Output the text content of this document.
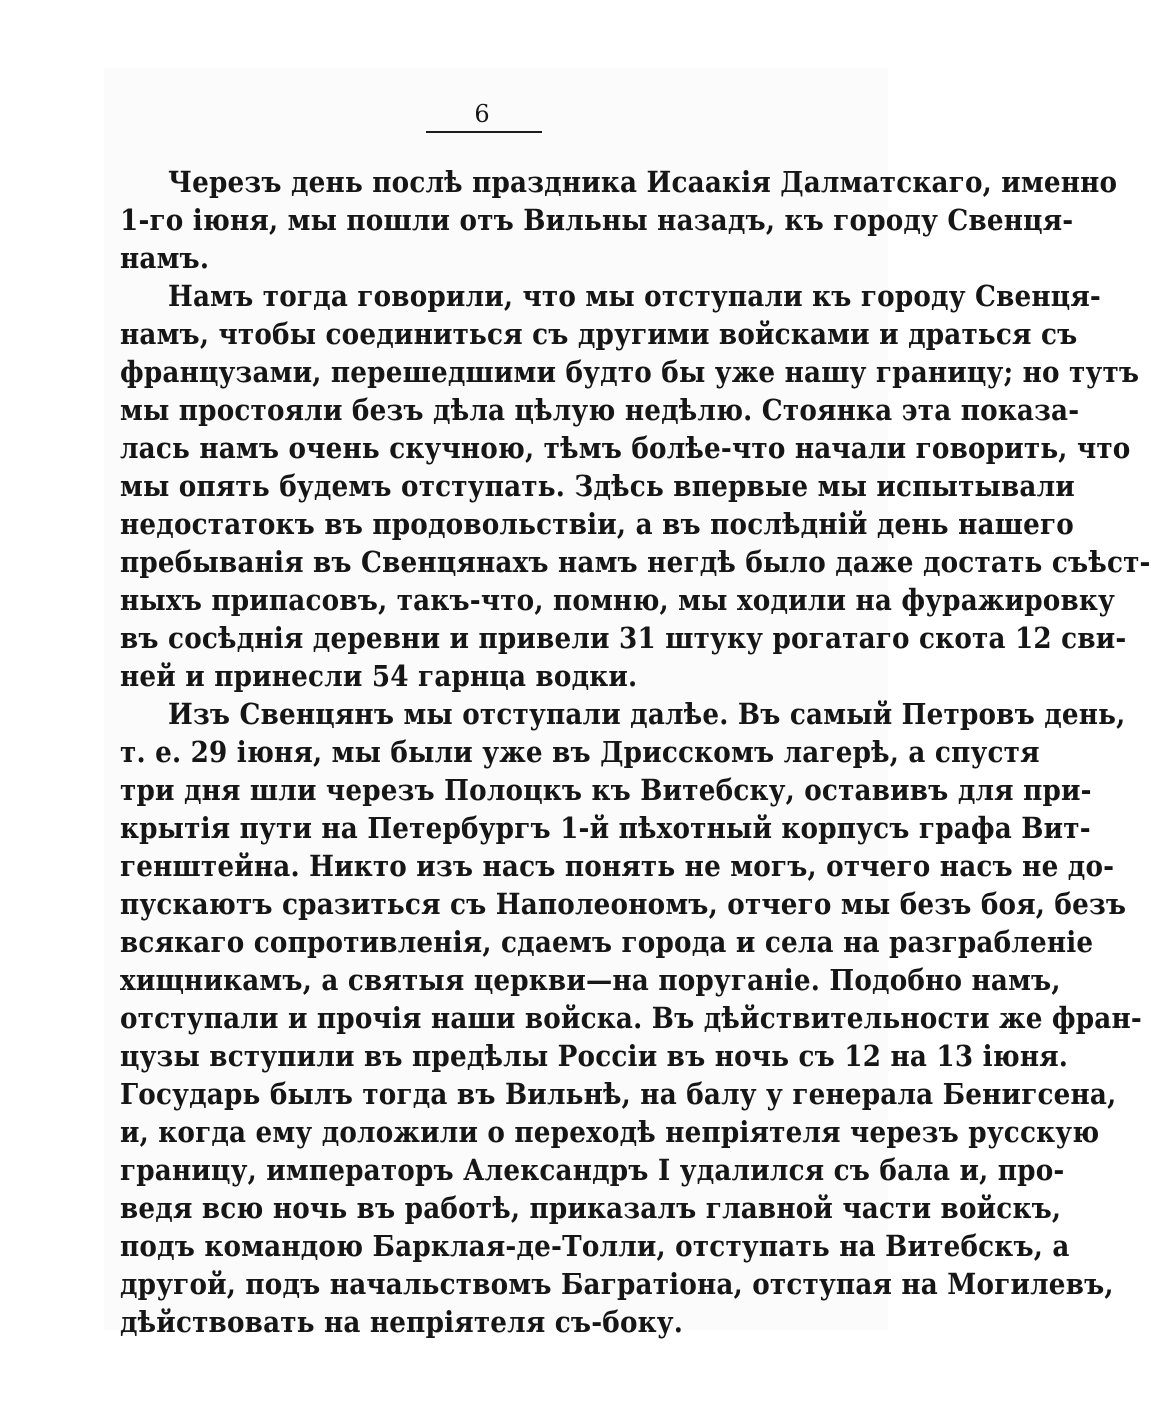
6
Черезъ день послѣ праздника Исаакія Далматскаго, именно
1-го іюня, мы пошли отъ Вильны назадъ, къ городу Свенця-
намъ.
Намъ тогда говорили, что мы отступали къ городу Свенця-
намъ, чтобы соединиться съ другими войсками и драться съ
французами, перешедшими будто бы уже нашу границу; но тутъ
мы простояли безъ дѣла цѣлую недѣлю. Стоянка эта показа-
лась намъ очень скучною, тѣмъ болѣе-что начали говорить, что
мы опять будемъ отступать. Здѣсь впервые мы испытывали
недостатокъ въ продовольствіи, а въ послѣдній день нашего
пребыванія въ Свенцянахъ намъ негдѣ было даже достать съѣст-
ныхъ припасовъ, такъ-что, помню, мы ходили на фуражировку
въ сосѣднія деревни и привели 31 штуку рогатаго скота 12 сви-
ней и принесли 54 гарнца водки.
Изъ Свенцянъ мы отступали далѣе. Въ самый Петровъ день,
т. е. 29 іюня, мы были уже въ Дрисскомъ лагерѣ, а спустя
три дня шли черезъ Полоцкъ къ Витебску, оставивъ для при-
крытія пути на Петербургъ 1-й пѣхотный корпусъ графа Вит-
генштейна. Никто изъ насъ понять не могъ, отчего насъ не до-
пускаютъ сразиться съ Наполеономъ, отчего мы безъ боя, безъ
всякаго сопротивленія, сдаемъ города и села на разграбленіе
хищникамъ, а святыя церкви—на поруганіе. Подобно намъ,
отступали и прочія наши войска. Въ дѣйствительности же фран-
цузы вступили въ предѣлы Россіи въ ночь съ 12 на 13 іюня.
Государь былъ тогда въ Вильнѣ, на балу у генерала Бенигсена,
и, когда ему доложили о переходѣ непріятеля черезъ русскую
границу, императоръ Александръ I удалился съ бала и, про-
ведя всю ночь въ работѣ, приказалъ главной части войскъ,
подъ командою Барклая-де-Толли, отступать на Витебскъ, а
другой, подъ начальствомъ Багратіона, отступая на Могилевъ,
дѣйствовать на непріятеля съ-боку.
